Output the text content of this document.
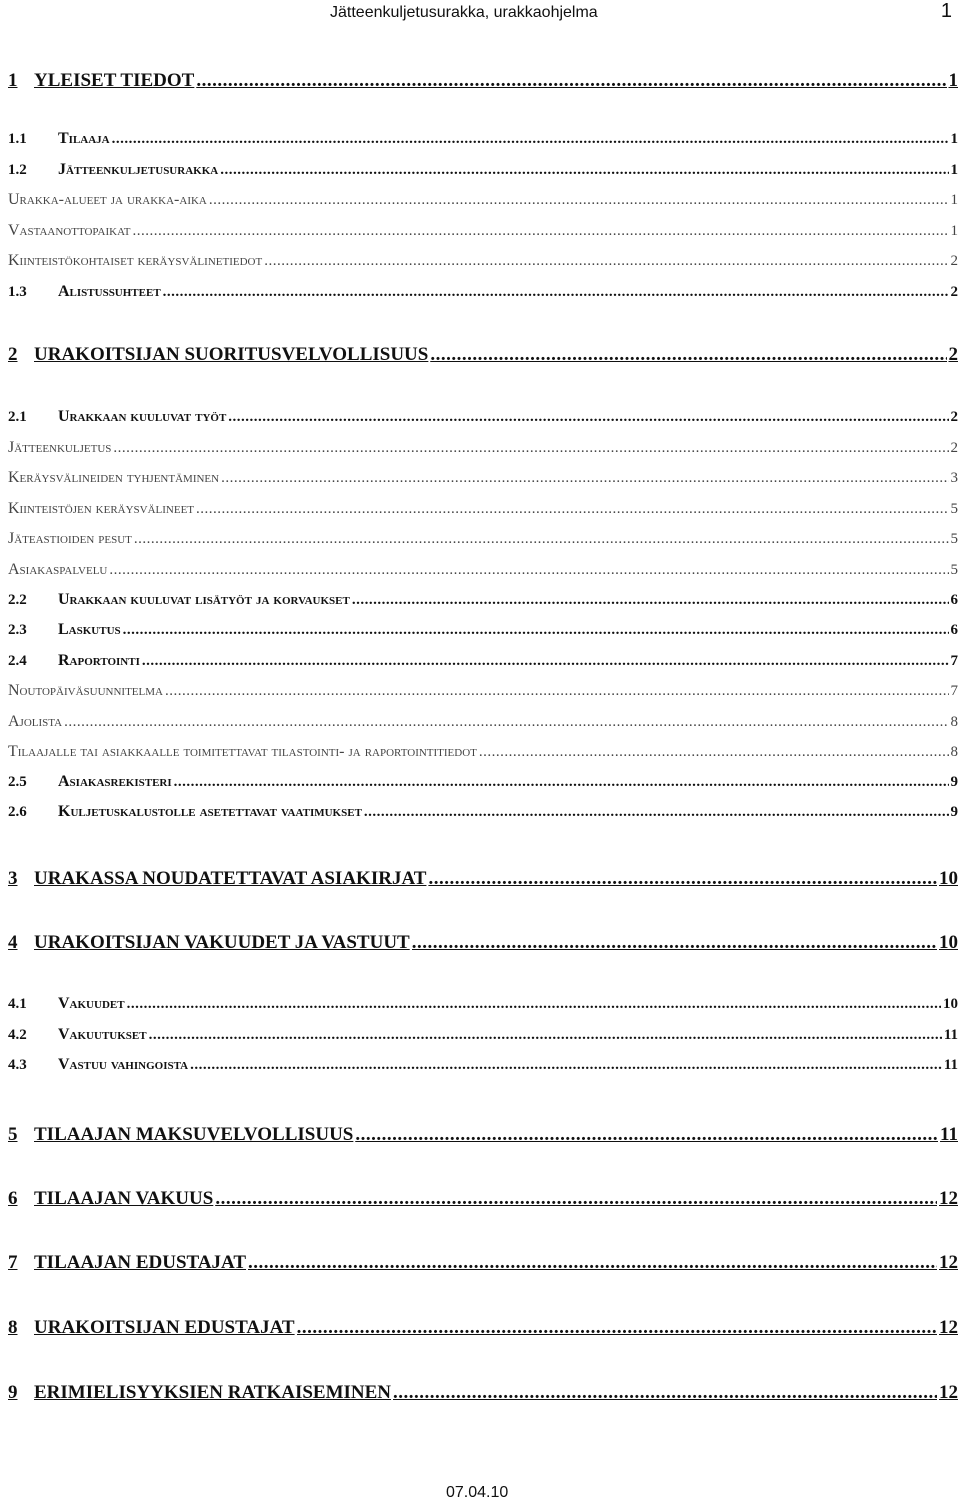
Jätteenkuljetusurakka, urakkaohjelma	1
1 YLEISET TIEDOT .....	1
1.1	Tilaaja .....	1
1.2	Jätteenkuljetusurakka .....	1
Urakka-alueet ja urakka-aika .....	1
Vastaanottopaikat .....	1
Kiinteistökohtaiset keräysvälinetiedot .....	2
1.3	Alistussuhteet .....	2
2 URAKOITSIJAN SUORITUSVELVOLLISUUS .....	2
2.1	Urakkaan kuuluvat työt .....	2
Jätteenkuljetus .....	2
Keräysvälineiden tyhjentäminen .....	3
Kiinteistöjen keräysvälineet .....	5
Jäteastioiden pesut .....	5
Asiakaspalvelu .....	5
2.2	Urakkaan kuuluvat lisätyöt ja korvaukset .....	6
2.3	Laskutus .....	6
2.4	Raportointi .....	7
Noutopäiväsuunnitelma .....	7
Ajolista .....	8
Tilaajalle tai asiakkaalle toimitettavat tilastointi- ja raportointitiedot .....	8
2.5	Asiakasrekisteri .....	9
2.6	Kuljetuskalustolle asetettavat vaatimukset .....	9
3 URAKASSA NOUDATETTAVAT ASIAKIRJAT .....	10
4 URAKOITSIJAN VAKUUDET JA VASTUUT .....	10
4.1	Vakuudet .....	10
4.2	Vakuutukset .....	11
4.3	Vastuu vahingoista .....	11
5 TILAAJAN MAKSUVELVOLLISUUS .....	11
6 TILAAJAN VAKUUS .....	12
7 TILAAJAN EDUSTAJAT .....	12
8 URAKOITSIJAN EDUSTAJAT .....	12
9 ERIMIELISYYKSIEN RATKAISEMINEN .....	12
07.04.10
